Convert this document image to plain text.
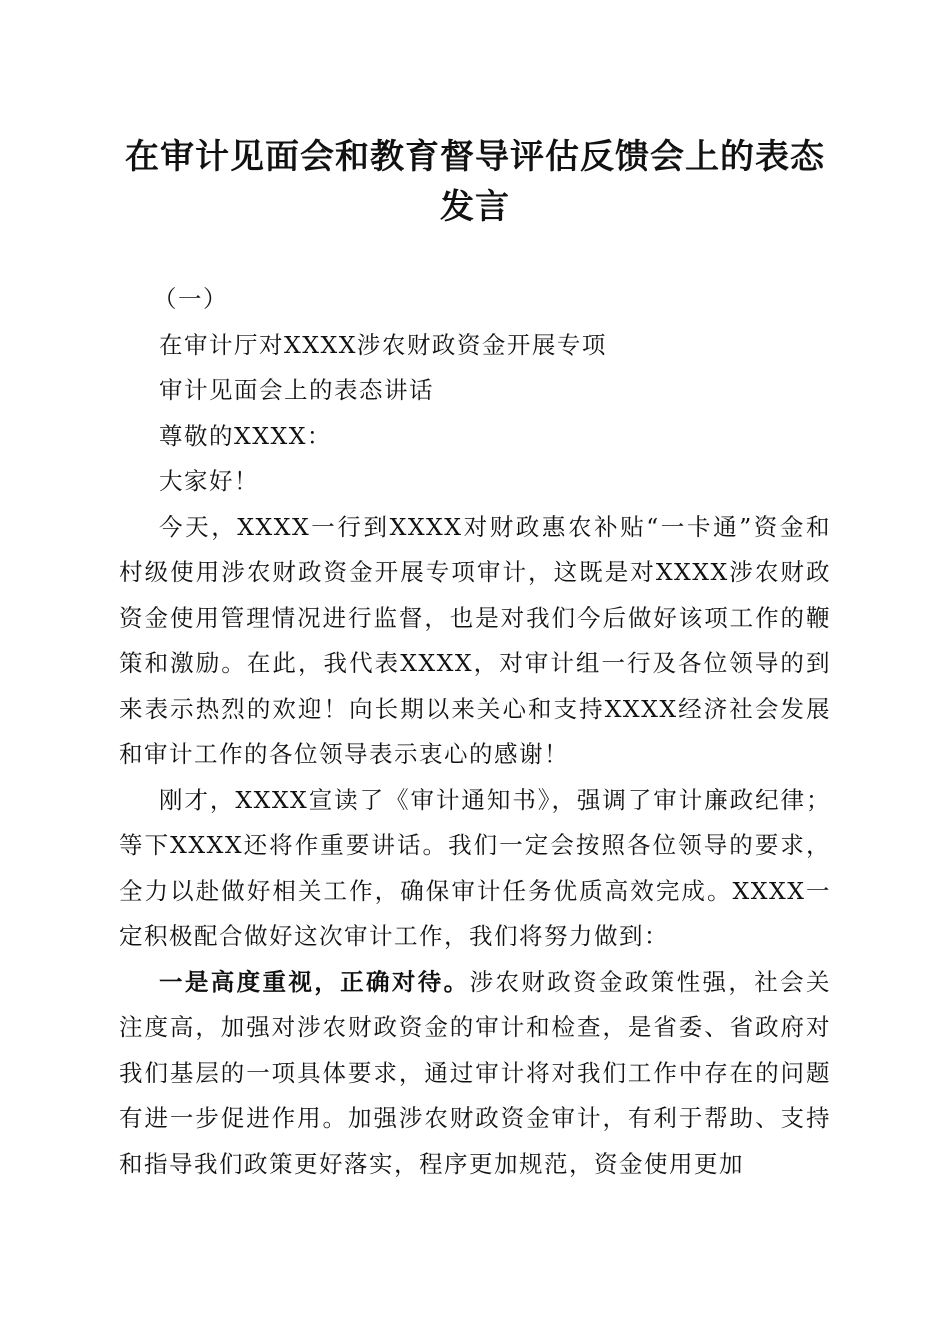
在审计见面会和教育督导评估反馈会上的表态
发言

（一）

在审计厅对XXXX涉农财政资金开展专项

审计见面会上的表态讲话

尊敬的XXXX：

大家好！

今天，XXXX一行到XXXX对财政惠农补贴“一卡通”资金和村级使用涉农财政资金开展专项审计，这既是对XXXX涉农财政资金使用管理情况进行监督，也是对我们今后做好该项工作的鞭策和激励。在此，我代表XXXX，对审计组一行及各位领导的到来表示热烈的欢迎！向长期以来关心和支持XXXX经济社会发展和审计工作的各位领导表示衷心的感谢！

刚才，XXXX宣读了《审计通知书》，强调了审计廉政纪律；等下XXXX还将作重要讲话。我们一定会按照各位领导的要求，全力以赴做好相关工作，确保审计任务优质高效完成。XXXX一定积极配合做好这次审计工作，我们将努力做到：

一是高度重视，正确对待。涉农财政资金政策性强，社会关注度高，加强对涉农财政资金的审计和检查，是省委、省政府对我们基层的一项具体要求，通过审计将对我们工作中存在的问题有进一步促进作用。加强涉农财政资金审计，有利于帮助、支持和指导我们政策更好落实，程序更加规范，资金使用更加
